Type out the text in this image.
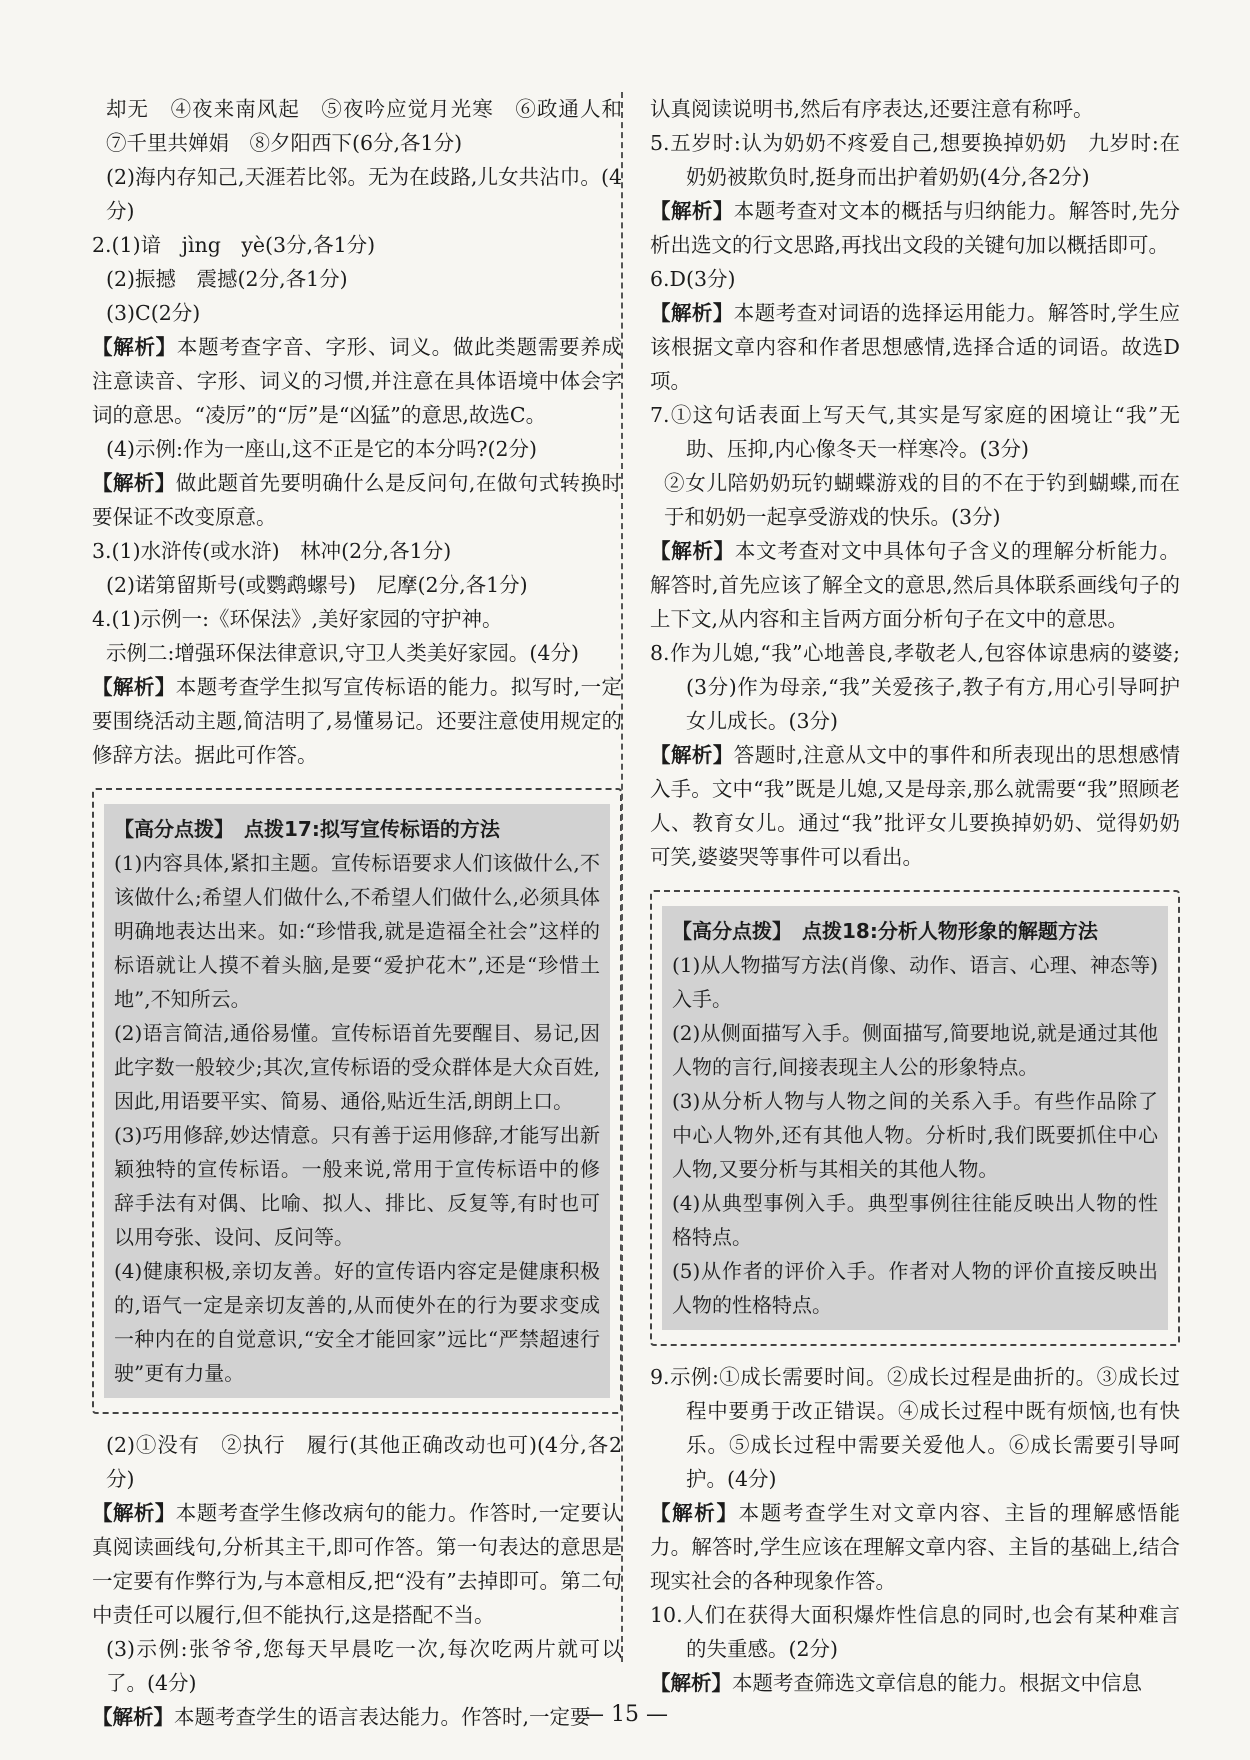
却无　④夜来南风起　⑤夜吟应觉月光寒　⑥政通人和　⑦千里共婵娟　⑧夕阳西下(6分,各1分)

(2)海内存知己,天涯若比邻。无为在歧路,儿女共沾巾。(4分)

2.(1)谙　jìng　yè(3分,各1分)

(2)振撼　震撼(2分,各1分)

(3)C(2分)

【解析】本题考查字音、字形、词义。做此类题需要养成注意读音、字形、词义的习惯,并注意在具体语境中体会字词的意思。“凌厉”的“厉”是“凶猛”的意思,故选C。

(4)示例:作为一座山,这不正是它的本分吗?(2分)

【解析】做此题首先要明确什么是反问句,在做句式转换时要保证不改变原意。

3.(1)水浒传(或水浒)　林冲(2分,各1分)

(2)诺第留斯号(或鹦鹉螺号)　尼摩(2分,各1分)

4.(1)示例一:《环保法》,美好家园的守护神。

示例二:增强环保法律意识,守卫人类美好家园。(4分)

【解析】本题考查学生拟写宣传标语的能力。拟写时,一定要围绕活动主题,简洁明了,易懂易记。还要注意使用规定的修辞方法。据此可作答。

【高分点拨】　点拨17:拟写宣传标语的方法

(1)内容具体,紧扣主题。宣传标语要求人们该做什么,不该做什么;希望人们做什么,不希望人们做什么,必须具体明确地表达出来。如:“珍惜我,就是造福全社会”这样的标语就让人摸不着头脑,是要“爱护花木”,还是“珍惜土地”,不知所云。

(2)语言简洁,通俗易懂。宣传标语首先要醒目、易记,因此字数一般较少;其次,宣传标语的受众群体是大众百姓,因此,用语要平实、简易、通俗,贴近生活,朗朗上口。

(3)巧用修辞,妙达情意。只有善于运用修辞,才能写出新颖独特的宣传标语。一般来说,常用于宣传标语中的修辞手法有对偶、比喻、拟人、排比、反复等,有时也可以用夸张、设问、反问等。

(4)健康积极,亲切友善。好的宣传语内容定是健康积极的,语气一定是亲切友善的,从而使外在的行为要求变成一种内在的自觉意识,“安全才能回家”远比“严禁超速行驶”更有力量。

(2)①没有　②执行　履行(其他正确改动也可)(4分,各2分)

【解析】本题考查学生修改病句的能力。作答时,一定要认真阅读画线句,分析其主干,即可作答。第一句表达的意思是一定要有作弊行为,与本意相反,把“没有”去掉即可。第二句中责任可以履行,但不能执行,这是搭配不当。

(3)示例:张爷爷,您每天早晨吃一次,每次吃两片就可以了。(4分)

【解析】本题考查学生的语言表达能力。作答时,一定要

认真阅读说明书,然后有序表达,还要注意有称呼。

5.五岁时:认为奶奶不疼爱自己,想要换掉奶奶　九岁时:在奶奶被欺负时,挺身而出护着奶奶(4分,各2分)

【解析】本题考查对文本的概括与归纳能力。解答时,先分析出选文的行文思路,再找出文段的关键句加以概括即可。

6.D(3分)

【解析】本题考查对词语的选择运用能力。解答时,学生应该根据文章内容和作者思想感情,选择合适的词语。故选D项。

7.①这句话表面上写天气,其实是写家庭的困境让“我”无助、压抑,内心像冬天一样寒冷。(3分)

②女儿陪奶奶玩钓蝴蝶游戏的目的不在于钓到蝴蝶,而在于和奶奶一起享受游戏的快乐。(3分)

【解析】本文考查对文中具体句子含义的理解分析能力。解答时,首先应该了解全文的意思,然后具体联系画线句子的上下文,从内容和主旨两方面分析句子在文中的意思。

8.作为儿媳,“我”心地善良,孝敬老人,包容体谅患病的婆婆;(3分)作为母亲,“我”关爱孩子,教子有方,用心引导呵护女儿成长。(3分)

【解析】答题时,注意从文中的事件和所表现出的思想感情入手。文中“我”既是儿媳,又是母亲,那么就需要“我”照顾老人、教育女儿。通过“我”批评女儿要换掉奶奶、觉得奶奶可笑,婆婆哭等事件可以看出。

【高分点拨】　点拨18:分析人物形象的解题方法

(1)从人物描写方法(肖像、动作、语言、心理、神态等)入手。

(2)从侧面描写入手。侧面描写,简要地说,就是通过其他人物的言行,间接表现主人公的形象特点。

(3)从分析人物与人物之间的关系入手。有些作品除了中心人物外,还有其他人物。分析时,我们既要抓住中心人物,又要分析与其相关的其他人物。

(4)从典型事例入手。典型事例往往能反映出人物的性格特点。

(5)从作者的评价入手。作者对人物的评价直接反映出人物的性格特点。

9.示例:①成长需要时间。②成长过程是曲折的。③成长过程中要勇于改正错误。④成长过程中既有烦恼,也有快乐。⑤成长过程中需要关爱他人。⑥成长需要引导呵护。(4分)

【解析】本题考查学生对文章内容、主旨的理解感悟能力。解答时,学生应该在理解文章内容、主旨的基础上,结合现实社会的各种现象作答。

10.人们在获得大面积爆炸性信息的同时,也会有某种难言的失重感。(2分)

【解析】本题考查筛选文章信息的能力。根据文中信息

— 15 —
